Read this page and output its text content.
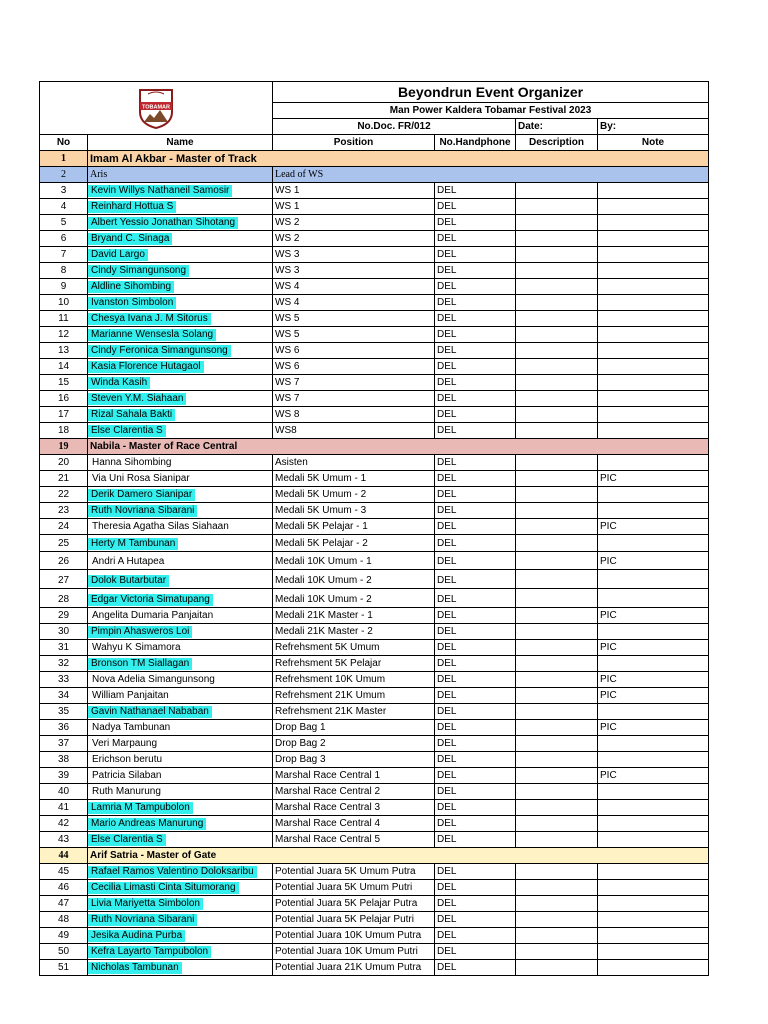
TOBAMAR		Beyondrun Event Organizer			
		Man Power Kaldera Tobamar Festival 2023			
		No.Doc. FR/012		Date:	By:
No	Name	Position	No.Handphone	Description	Note
1	Imam Al Akbar - Master of Track				
2	Aris	Lead of WS			
3	Kevin Willys Nathaneil Samosir	WS 1	DEL		
4	Reinhard Hottua S	WS 1	DEL		
5	Albert Yessio Jonathan Sihotang	WS 2	DEL		
6	Bryand C. Sinaga	WS 2	DEL		
7	David Largo	WS 3	DEL		
8	Cindy Simangunsong	WS 3	DEL		
9	Aldline Sihombing	WS 4	DEL		
10	Ivanston Simbolon	WS 4	DEL		
11	Chesya Ivana J. M Sitorus	WS 5	DEL		
12	Marianne Wensesla Solang	WS 5	DEL		
13	Cindy Feronica Simangunsong	WS 6	DEL		
14	Kasia Florence Hutagaol	WS 6	DEL		
15	Winda Kasih	WS 7	DEL		
16	Steven Y.M. Siahaan	WS 7	DEL		
17	Rizal Sahala Bakti	WS 8	DEL		
18	Else Clarentia S	WS8	DEL		
19	Nabila - Master of Race Central				
20	Hanna Sihombing	Asisten	DEL		
21	Via Uni Rosa Sianipar	Medali 5K Umum - 1	DEL		PIC
22	Derik Damero Sianipar	Medali 5K Umum - 2	DEL		
23	Ruth Novriana Sibarani	Medali 5K Umum - 3	DEL		
24	Theresia Agatha Silas Siahaan	Medali 5K Pelajar - 1	DEL		PIC
25	Herty M Tambunan	Medali 5K Pelajar - 2	DEL		
26	Andri A Hutapea	Medali 10K Umum - 1	DEL		PIC
27	Dolok Butarbutar	Medali 10K Umum - 2	DEL		
28	Edgar Victoria Simatupang	Medali 10K Umum - 2	DEL		
29	Angelita Dumaria Panjaitan	Medali 21K Master - 1	DEL		PIC
30	Pimpin Ahasweros Loi	Medali 21K Master - 2	DEL		
31	Wahyu K Simamora	Refrehsment 5K Umum	DEL		PIC
32	Bronson TM Siallagan	Refrehsment 5K Pelajar	DEL		
33	Nova Adelia Simangunsong	Refrehsment 10K Umum	DEL		PIC
34	William Panjaitan	Refrehsment 21K Umum	DEL		PIC
35	Gavin Nathanael Nababan	Refrehsment 21K Master	DEL		
36	Nadya Tambunan	Drop Bag 1	DEL		PIC
37	Veri Marpaung	Drop Bag 2	DEL		
38	Erichson berutu	Drop Bag 3	DEL		
39	Patricia Silaban	Marshal Race Central 1	DEL		PIC
40	Ruth Manurung	Marshal Race Central 2	DEL		
41	Lamria M Tampubolon	Marshal Race Central 3	DEL		
42	Mario Andreas Manurung	Marshal Race Central 4	DEL		
43	Else Clarentia S	Marshal Race Central 5	DEL		
44	Arif Satria - Master of Gate				
45	Rafael Ramos Valentino Doloksaribu	Potential Juara 5K Umum Putra	DEL		
46	Cecilia Limasti Cinta Situmorang	Potential Juara 5K Umum Putri	DEL		
47	Livia Mariyetta Simbolon	Potential Juara 5K Pelajar Putra	DEL		
48	Ruth Novriana Sibarani	Potential Juara 5K Pelajar Putri	DEL		
49	Jesika Audina Purba	Potential Juara 10K Umum Putra	DEL		
50	Kefra Layarto Tampubolon	Potential Juara 10K Umum Putri	DEL		
51	Nicholas Tambunan	Potential Juara 21K Umum Putra	DEL		
